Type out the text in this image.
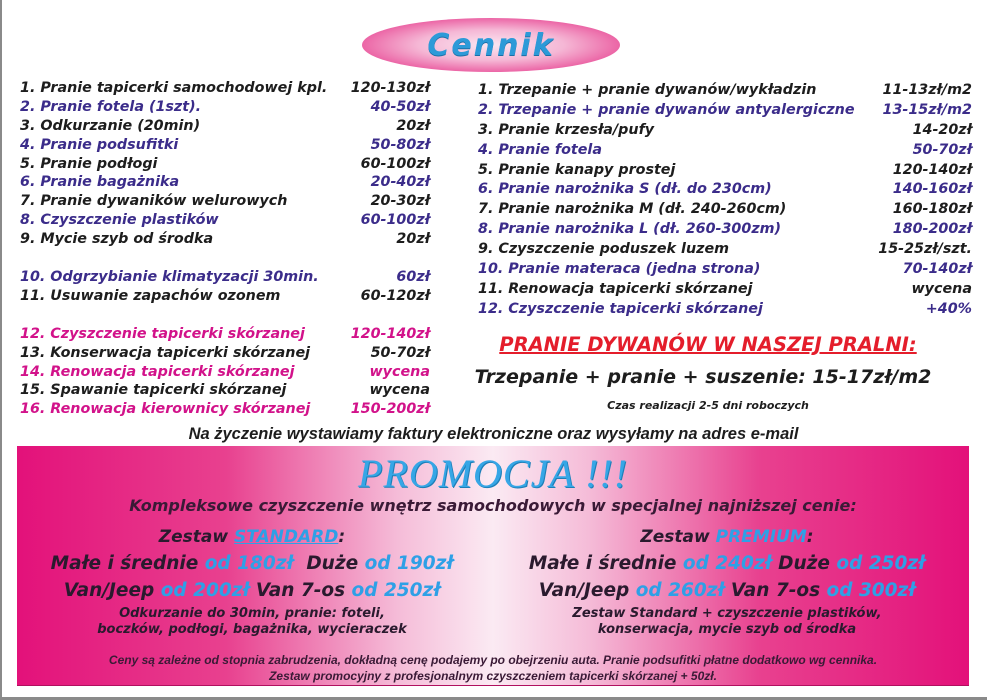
Cennik
1. Pranie tapicerki samochodowej kpl. 120-130zł
2. Pranie fotela (1szt).	40-50zł
3. Odkurzanie (20min)	20zł
4. Pranie podsufitki	50-80zł
5. Pranie podłogi	60-100zł
6. Pranie bagażnika	20-40zł
7. Pranie dywaników welurowych	20-30zł
8. Czyszczenie plastików	60-100zł
9. Mycie szyb od środka	20zł
10. Odgrzybianie klimatyzacji 30min.	60zł
11. Usuwanie zapachów ozonem	60-120zł
12. Czyszczenie tapicerki skórzanej	120-140zł
13. Konserwacja tapicerki skórzanej	50-70zł
14. Renowacja tapicerki skórzanej	wycena
15. Spawanie tapicerki skórzanej	wycena
16. Renowacja kierownicy skórzanej	150-200zł
1. Trzepanie + pranie dywanów/wykładzin	11-13zł/m2
2. Trzepanie + pranie dywanów antyalergiczne 13-15zł/m2
3. Pranie krzesła/pufy	14-20zł
4. Pranie fotela	50-70zł
5. Pranie kanapy prostej	120-140zł
6. Pranie narożnika S (dł. do 230cm)	140-160zł
7. Pranie narożnika M (dł. 240-260cm)	160-180zł
8. Pranie narożnika L (dł. 260-300zm)	180-200zł
9. Czyszczenie poduszek luzem	15-25zł/szt.
10. Pranie materaca (jedna strona)	70-140zł
11. Renowacja tapicerki skórzanej	wycena
12. Czyszczenie tapicerki skórzanej	+40%
PRANIE DYWANÓW W NASZEJ PRALNI:
Trzepanie + pranie + suszenie: 15-17zł/m2
Czas realizacji 2-5 dni roboczych
Na życzenie wystawiamy faktury elektroniczne oraz wysyłamy na adres e-mail
PROMOCJA !!!
Kompleksowe czyszczenie wnętrz samochodowych w specjalnej najniższej cenie:
Zestaw STANDARD:
Małe i średnie od 180zł Duże od 190zł
Van/Jeep od 200zł Van 7-os od 250zł
Odkurzanie do 30min, pranie: foteli,
boczków, podłogi, bagażnika, wycieraczek
Zestaw PREMIUM:
Małe i średnie od 240zł Duże od 250zł
Van/Jeep od 260zł Van 7-os od 300zł
Zestaw Standard + czyszczenie plastików,
konserwacja, mycie szyb od środka
Ceny są zależne od stopnia zabrudzenia, dokładną cenę podajemy po obejrzeniu auta. Pranie podsufitki płatne dodatkowo wg cennika.
Zestaw promocyjny z profesjonalnym czyszczeniem tapicerki skórzanej + 50zł.
